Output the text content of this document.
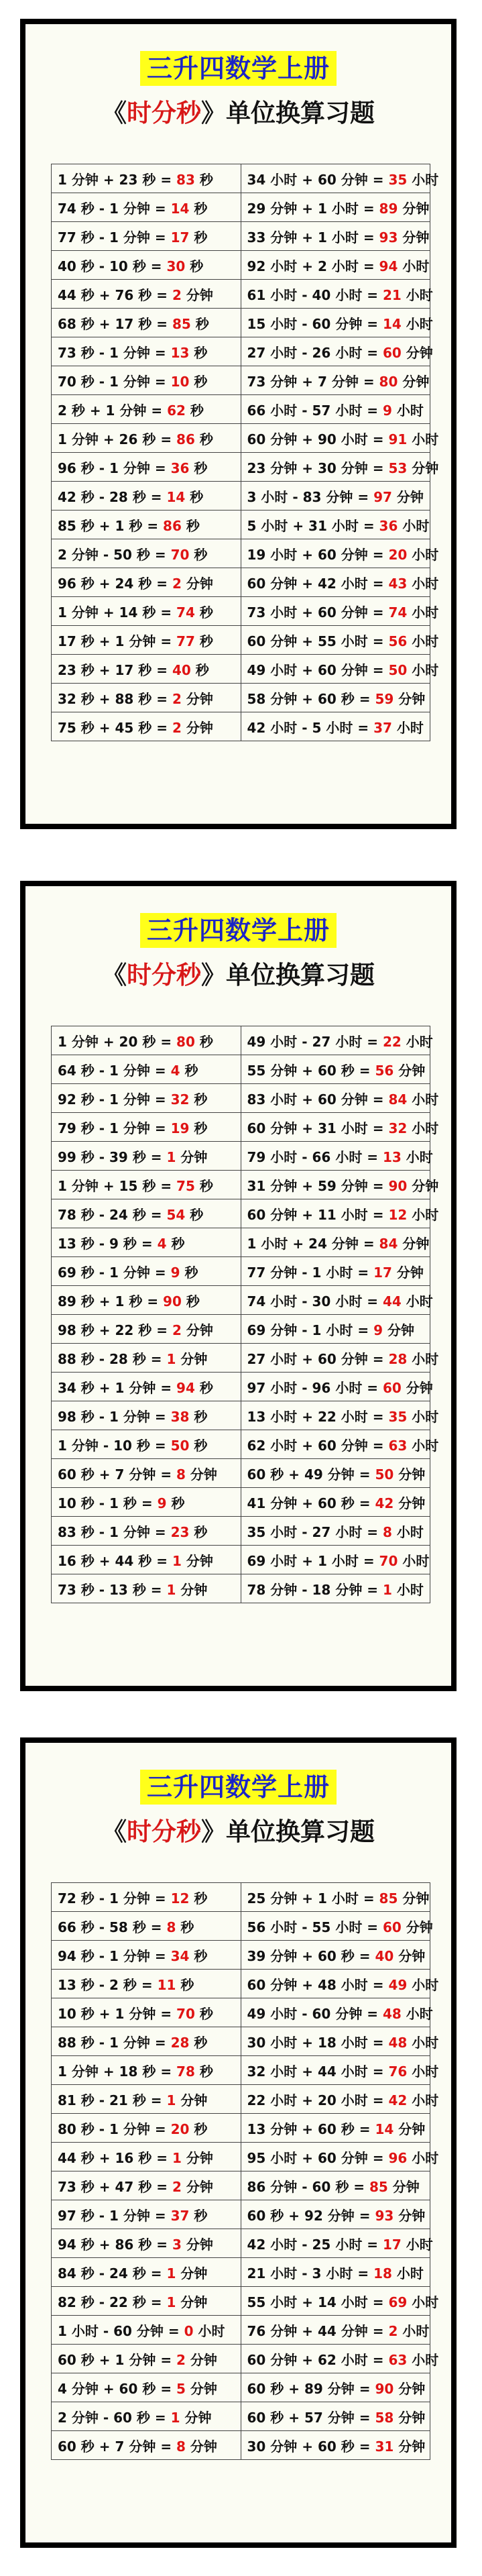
三升四数学上册
《时分秒》单位换算习题
1 分钟 + 23 秒 = 83 秒	34 小时 + 60 分钟 = 35 小时
74 秒 - 1 分钟 = 14 秒	29 分钟 + 1 小时 = 89 分钟
77 秒 - 1 分钟 = 17 秒	33 分钟 + 1 小时 = 93 分钟
40 秒 - 10 秒 = 30 秒	92 小时 + 2 小时 = 94 小时
44 秒 + 76 秒 = 2 分钟	61 小时 - 40 小时 = 21 小时
68 秒 + 17 秒 = 85 秒	15 小时 - 60 分钟 = 14 小时
73 秒 - 1 分钟 = 13 秒	27 小时 - 26 小时 = 60 分钟
70 秒 - 1 分钟 = 10 秒	73 分钟 + 7 分钟 = 80 分钟
2 秒 + 1 分钟 = 62 秒	66 小时 - 57 小时 = 9 小时
1 分钟 + 26 秒 = 86 秒	60 分钟 + 90 小时 = 91 小时
96 秒 - 1 分钟 = 36 秒	23 分钟 + 30 分钟 = 53 分钟
42 秒 - 28 秒 = 14 秒	3 小时 - 83 分钟 = 97 分钟
85 秒 + 1 秒 = 86 秒	5 小时 + 31 小时 = 36 小时
2 分钟 - 50 秒 = 70 秒	19 小时 + 60 分钟 = 20 小时
96 秒 + 24 秒 = 2 分钟	60 分钟 + 42 小时 = 43 小时
1 分钟 + 14 秒 = 74 秒	73 小时 + 60 分钟 = 74 小时
17 秒 + 1 分钟 = 77 秒	60 分钟 + 55 小时 = 56 小时
23 秒 + 17 秒 = 40 秒	49 小时 + 60 分钟 = 50 小时
32 秒 + 88 秒 = 2 分钟	58 分钟 + 60 秒 = 59 分钟
75 秒 + 45 秒 = 2 分钟	42 小时 - 5 小时 = 37 小时
三升四数学上册
《时分秒》单位换算习题
1 分钟 + 20 秒 = 80 秒	49 小时 - 27 小时 = 22 小时
64 秒 - 1 分钟 = 4 秒	55 分钟 + 60 秒 = 56 分钟
92 秒 - 1 分钟 = 32 秒	83 小时 + 60 分钟 = 84 小时
79 秒 - 1 分钟 = 19 秒	60 分钟 + 31 小时 = 32 小时
99 秒 - 39 秒 = 1 分钟	79 小时 - 66 小时 = 13 小时
1 分钟 + 15 秒 = 75 秒	31 分钟 + 59 分钟 = 90 分钟
78 秒 - 24 秒 = 54 秒	60 分钟 + 11 小时 = 12 小时
13 秒 - 9 秒 = 4 秒	1 小时 + 24 分钟 = 84 分钟
69 秒 - 1 分钟 = 9 秒	77 分钟 - 1 小时 = 17 分钟
89 秒 + 1 秒 = 90 秒	74 小时 - 30 小时 = 44 小时
98 秒 + 22 秒 = 2 分钟	69 分钟 - 1 小时 = 9 分钟
88 秒 - 28 秒 = 1 分钟	27 小时 + 60 分钟 = 28 小时
34 秒 + 1 分钟 = 94 秒	97 小时 - 96 小时 = 60 分钟
98 秒 - 1 分钟 = 38 秒	13 小时 + 22 小时 = 35 小时
1 分钟 - 10 秒 = 50 秒	62 小时 + 60 分钟 = 63 小时
60 秒 + 7 分钟 = 8 分钟	60 秒 + 49 分钟 = 50 分钟
10 秒 - 1 秒 = 9 秒	41 分钟 + 60 秒 = 42 分钟
83 秒 - 1 分钟 = 23 秒	35 小时 - 27 小时 = 8 小时
16 秒 + 44 秒 = 1 分钟	69 小时 + 1 小时 = 70 小时
73 秒 - 13 秒 = 1 分钟	78 分钟 - 18 分钟 = 1 小时
三升四数学上册
《时分秒》单位换算习题
72 秒 - 1 分钟 = 12 秒	25 分钟 + 1 小时 = 85 分钟
66 秒 - 58 秒 = 8 秒	56 小时 - 55 小时 = 60 分钟
94 秒 - 1 分钟 = 34 秒	39 分钟 + 60 秒 = 40 分钟
13 秒 - 2 秒 = 11 秒	60 分钟 + 48 小时 = 49 小时
10 秒 + 1 分钟 = 70 秒	49 小时 - 60 分钟 = 48 小时
88 秒 - 1 分钟 = 28 秒	30 小时 + 18 小时 = 48 小时
1 分钟 + 18 秒 = 78 秒	32 小时 + 44 小时 = 76 小时
81 秒 - 21 秒 = 1 分钟	22 小时 + 20 小时 = 42 小时
80 秒 - 1 分钟 = 20 秒	13 分钟 + 60 秒 = 14 分钟
44 秒 + 16 秒 = 1 分钟	95 小时 + 60 分钟 = 96 小时
73 秒 + 47 秒 = 2 分钟	86 分钟 - 60 秒 = 85 分钟
97 秒 - 1 分钟 = 37 秒	60 秒 + 92 分钟 = 93 分钟
94 秒 + 86 秒 = 3 分钟	42 小时 - 25 小时 = 17 小时
84 秒 - 24 秒 = 1 分钟	21 小时 - 3 小时 = 18 小时
82 秒 - 22 秒 = 1 分钟	55 小时 + 14 小时 = 69 小时
1 小时 - 60 分钟 = 0 小时	76 分钟 + 44 分钟 = 2 小时
60 秒 + 1 分钟 = 2 分钟	60 分钟 + 62 小时 = 63 小时
4 分钟 + 60 秒 = 5 分钟	60 秒 + 89 分钟 = 90 分钟
2 分钟 - 60 秒 = 1 分钟	60 秒 + 57 分钟 = 58 分钟
60 秒 + 7 分钟 = 8 分钟	30 分钟 + 60 秒 = 31 分钟
